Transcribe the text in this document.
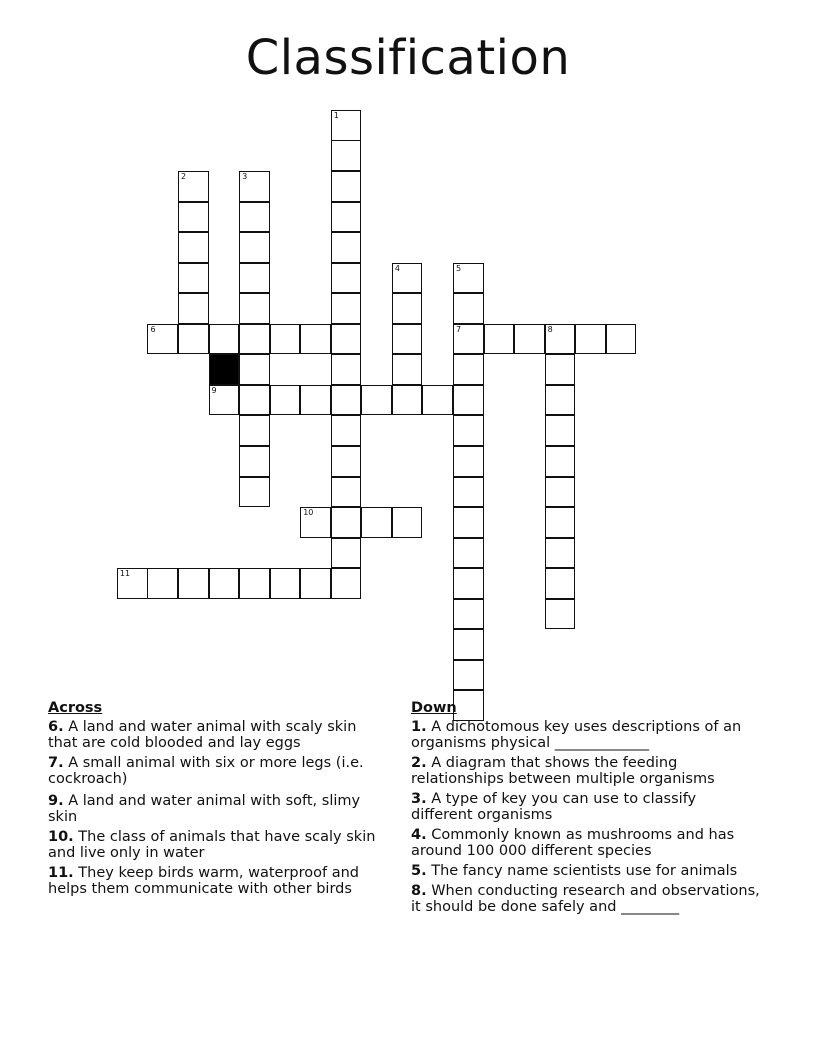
Classification
1
2	3
4	5
7	8
6
9
10
11
Across
6. A land and water animal with scaly skin that are cold blooded and lay eggs
7. A small animal with six or more legs (i.e. cockroach)
9. A land and water animal with soft, slimy skin
10. The class of animals that have scaly skin and live only in water
11. They keep birds warm, waterproof and helps them communicate with other birds
Down
1. A dichotomous key uses descriptions of an organisms physical _____________
2. A diagram that shows the feeding relationships between multiple organisms
3. A type of key you can use to classify different organisms
4. Commonly known as mushrooms and has around 100 000 different species
5. The fancy name scientists use for animals
8. When conducting research and observations, it should be done safely and ________
